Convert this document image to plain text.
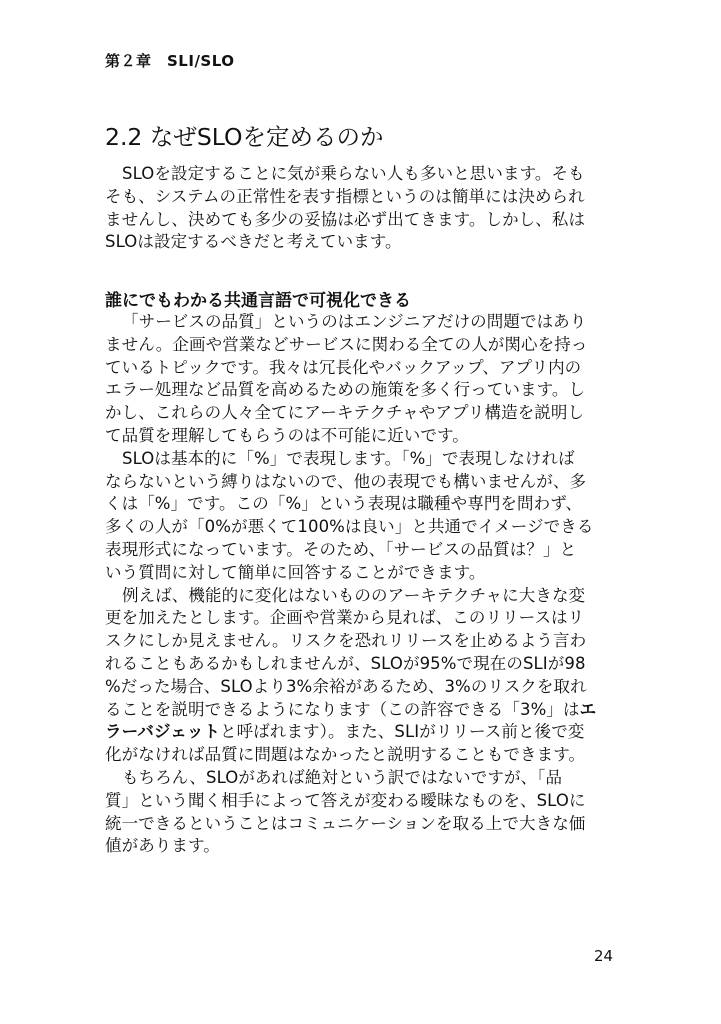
第２章　SLI/SLO
2.2 なぜSLOを定めるのか
SLOを設定することに気が乗らない人も多いと思います。そも
そも、システムの正常性を表す指標というのは簡単には決められ
ませんし、決めても多少の妥協は必ず出てきます。しかし、私は
SLOは設定するべきだと考えています。
誰にでもわかる共通言語で可視化できる
「サービスの品質」というのはエンジニアだけの問題ではあり
ません。企画や営業などサービスに関わる全ての人が関心を持っ
ているトピックです。我々は冗長化やバックアップ、アプリ内の
エラー処理など品質を高めるための施策を多く行っています。し
かし、これらの人々全てにアーキテクチャやアプリ構造を説明し
て品質を理解してもらうのは不可能に近いです。
SLOは基本的に「%」で表現します。「%」で表現しなければ
ならないという縛りはないので、他の表現でも構いませんが、多
くは「%」です。この「%」という表現は職種や専門を問わず、
多くの人が「0%が悪くて100%は良い」と共通でイメージできる
表現形式になっています。そのため、「サービスの品質は？」と
いう質問に対して簡単に回答することができます。
例えば、機能的に変化はないもののアーキテクチャに大きな変
更を加えたとします。企画や営業から見れば、このリリースはリ
スクにしか見えません。リスクを恐れリリースを止めるよう言わ
れることもあるかもしれませんが、SLOが95%で現在のSLIが98
%だった場合、SLOより3%余裕があるため、3%のリスクを取れ
ることを説明できるようになります（この許容できる「3%」はエ
ラーバジェットと呼ばれます）。また、SLIがリリース前と後で変
化がなければ品質に問題はなかったと説明することもできます。
もちろん、SLOがあれば絶対という訳ではないですが、「品
質」という聞く相手によって答えが変わる曖昧なものを、SLOに
統一できるということはコミュニケーションを取る上で大きな価
値があります。
24
